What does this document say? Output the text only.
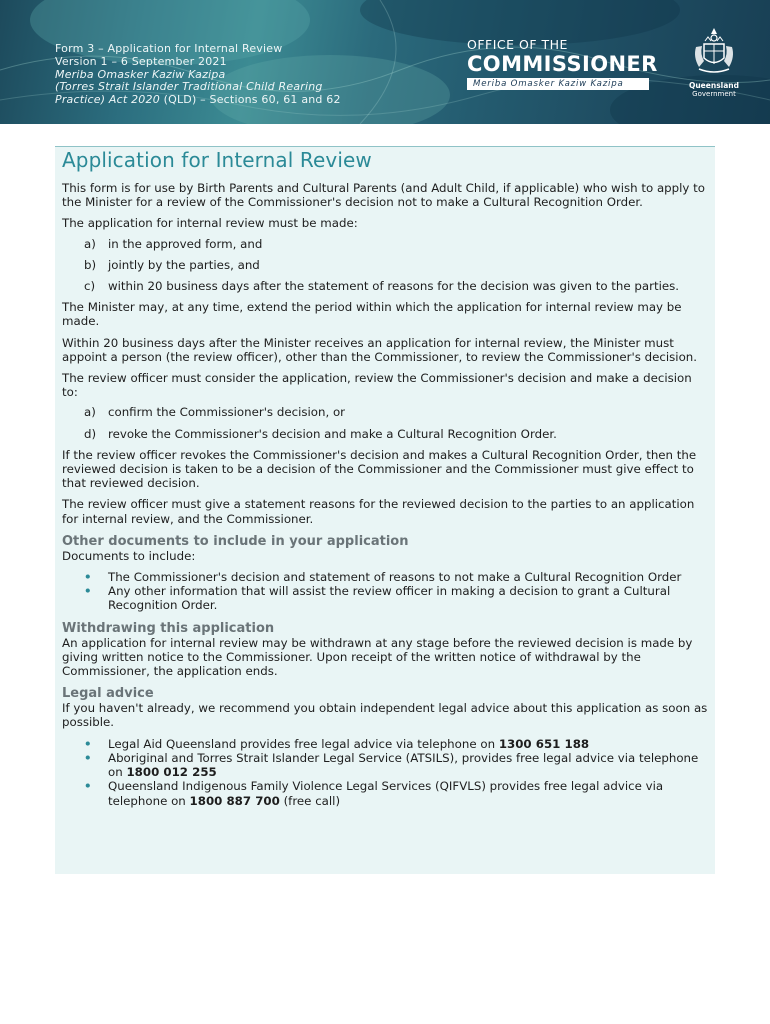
Form 3 – Application for Internal Review
Version 1 – 6 September 2021
Meriba Omasker Kaziw Kazipa
(Torres Strait Islander Traditional Child Rearing
Practice) Act 2020 (QLD) – Sections 60, 61 and 62
OFFICE OF THE
COMMISSIONER
Meriba Omasker Kaziw Kazipa	Queensland
Government
Application for Internal Review

This form is for use by Birth Parents and Cultural Parents (and Adult Child, if applicable) who wish to apply to the Minister for a review of the Commissioner's decision not to make a Cultural Recognition Order.

The application for internal review must be made:

a) in the approved form, and
b) jointly by the parties, and
c) within 20 business days after the statement of reasons for the decision was given to the parties.

The Minister may, at any time, extend the period within which the application for internal review may be made.

Within 20 business days after the Minister receives an application for internal review, the Minister must appoint a person (the review officer), other than the Commissioner, to review the Commissioner's decision.

The review officer must consider the application, review the Commissioner's decision and make a decision to:

a) confirm the Commissioner's decision, or
d) revoke the Commissioner's decision and make a Cultural Recognition Order.

If the review officer revokes the Commissioner's decision and makes a Cultural Recognition Order, then the reviewed decision is taken to be a decision of the Commissioner and the Commissioner must give effect to that reviewed decision.

The review officer must give a statement reasons for the reviewed decision to the parties to an application for internal review, and the Commissioner.

Other documents to include in your application

Documents to include:

• The Commissioner's decision and statement of reasons to not make a Cultural Recognition Order
• Any other information that will assist the review officer in making a decision to grant a Cultural Recognition Order.
Withdrawing this application

An application for internal review may be withdrawn at any stage before the reviewed decision is made by giving written notice to the Commissioner. Upon receipt of the written notice of withdrawal by the Commissioner, the application ends.

Legal advice

If you haven't already, we recommend you obtain independent legal advice about this application as soon as possible.

• Legal Aid Queensland provides free legal advice via telephone on 1300 651 188
• Aboriginal and Torres Strait Islander Legal Service (ATSILS), provides free legal advice via telephone on 1800 012 255
• Queensland Indigenous Family Violence Legal Services (QIFVLS) provides free legal advice via telephone on 1800 887 700 (free call)
